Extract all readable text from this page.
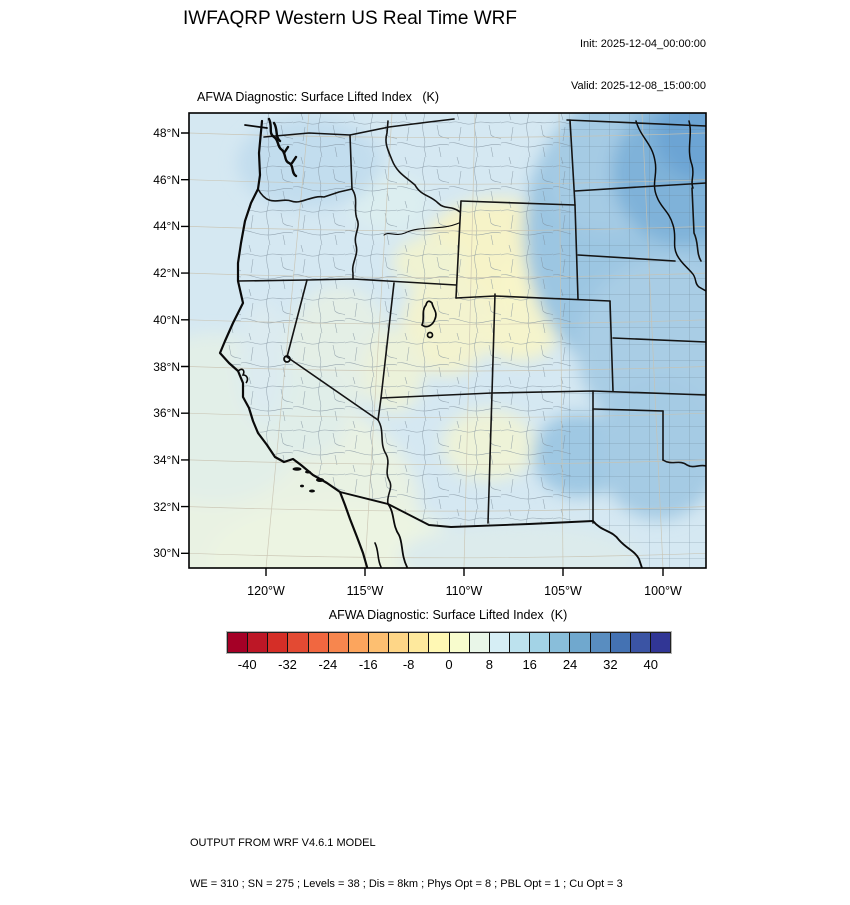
IWFAQRP Western US Real Time WRF

Init: 2025-12-04_00:00:00

Valid: 2025-12-08_15:00:00

AFWA Diagnostic: Surface Lifted Index   (K)
AFWA Diagnostic: Surface Lifted Index  (K)
-40	-32	-24	-16	-8	0	8	16	24	32	40

OUTPUT FROM WRF V4.6.1 MODEL

WE = 310 ; SN = 275 ; Levels = 38 ; Dis = 8km ; Phys Opt = 8 ; PBL Opt = 1 ; Cu Opt = 3

48°N
46°N
44°N
42°N
40°N
38°N
36°N
34°N
32°N
30°N
120°W	115°W	110°W	105°W	100°W
